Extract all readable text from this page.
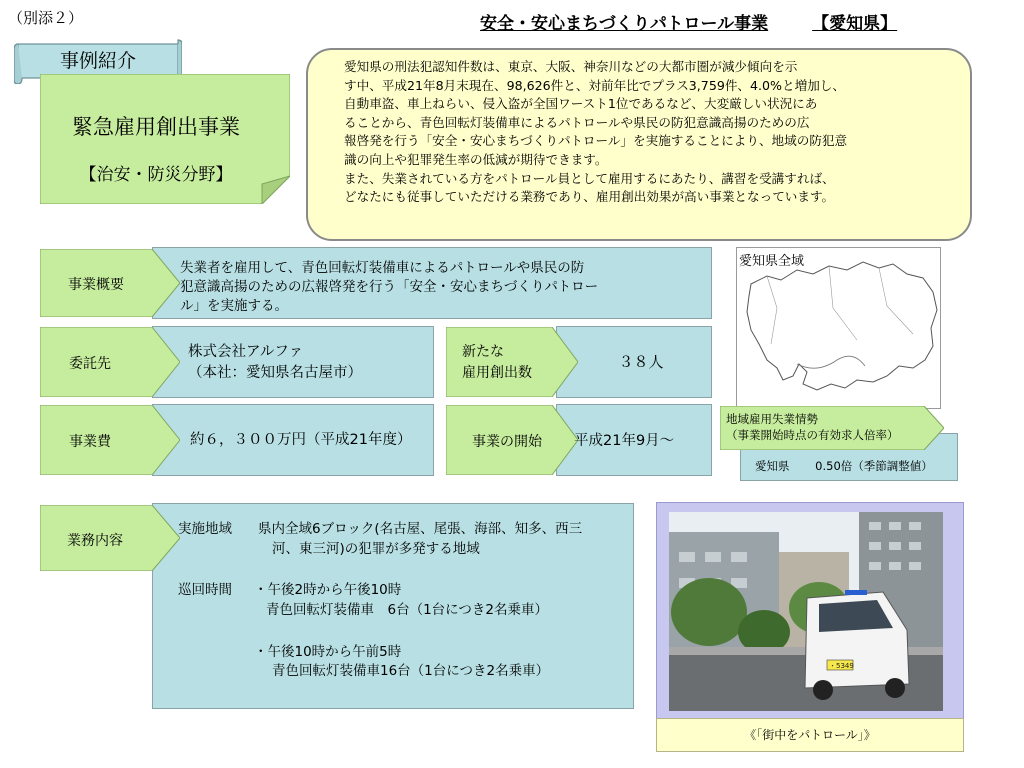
（別添２）	安全・安心まちづくりパトロール事業	【愛知県】
事例紹介
緊急雇用創出事業
【治安・防災分野】

愛知県の刑法犯認知件数は、東京、大阪、神奈川などの大都市圏が減少傾向を示

す中、平成21年8月末現在、98,626件と、対前年比でプラス3,759件、4.0%と増加し、

自動車盗、車上ねらい、侵入盗が全国ワースト1位であるなど、大変厳しい状況にあ

ることから、青色回転灯装備車によるパトロールや県民の防犯意識高揚のための広

報啓発を行う「安全・安心まちづくりパトロール」を実施することにより、地域の防犯意

識の向上や犯罪発生率の低減が期待できます。

また、失業されている方をパトロール員として雇用するにあたり、講習を受講すれば、

どなたにも従事していただける業務であり、雇用創出効果が高い事業となっています。

事業概要
失業者を雇用して、青色回転灯装備車によるパトロールや県民の防
犯意識高揚のための広報啓発を行う「安全・安心まちづくりパトロー
ル」を実施する。
委託先
株式会社アルファ
（本社：愛知県名古屋市）
新たな
雇用創出数
３８人
事業費	約６，３００万円（平成21年度）	事業の開始	平成21年9月～
愛知県全域
地域雇用失業情勢
（事業開始時点の有効求人倍率）
愛知県 0.50倍（季節調整値）
業務内容
実施地域 県内全域6ブロック(名古屋、尾張、海部、知多、西三
河、東三河)の犯罪が多発する地域
巡回時間 ・午後2時から午後10時
青色回転灯装備車　6台（1台につき2名乗車）
・午後10時から午前5時
青色回転灯装備車16台（1台につき2名乗車）	・5349
《「街中をパトロール」》
